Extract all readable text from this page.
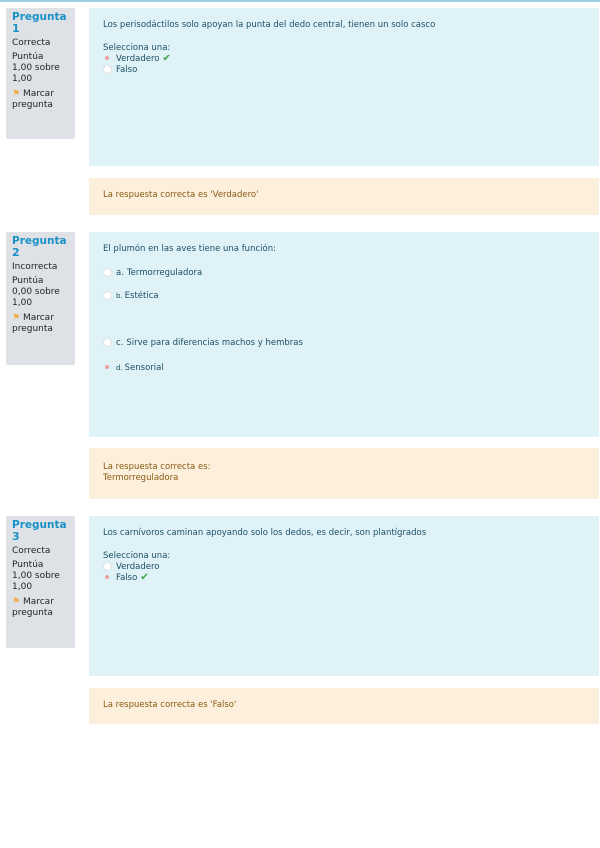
Pregunta
1
Correcta
Puntúa
1,00 sobre
1,00
⚑ Marcar
pregunta
Los perisodáctilos solo apoyan la punta del dedo central, tienen un solo casco
Selecciona una:
Verdadero ✔
Falso
La respuesta correcta es 'Verdadero'
Pregunta
2
Incorrecta
Puntúa
0,00 sobre
1,00
⚑ Marcar
pregunta
El plumón en las aves tiene una función:
a. Termorreguladora
b. Estética
c. Sirve para diferencias machos y hembras
d. Sensorial
La respuesta correcta es:
Termorreguladora
Pregunta
3
Correcta
Puntúa
1,00 sobre
1,00
⚑ Marcar
pregunta
Los carnívoros caminan apoyando solo los dedos, es decir, son plantígrados
Selecciona una:
Verdadero
Falso ✔
La respuesta correcta es 'Falso'
